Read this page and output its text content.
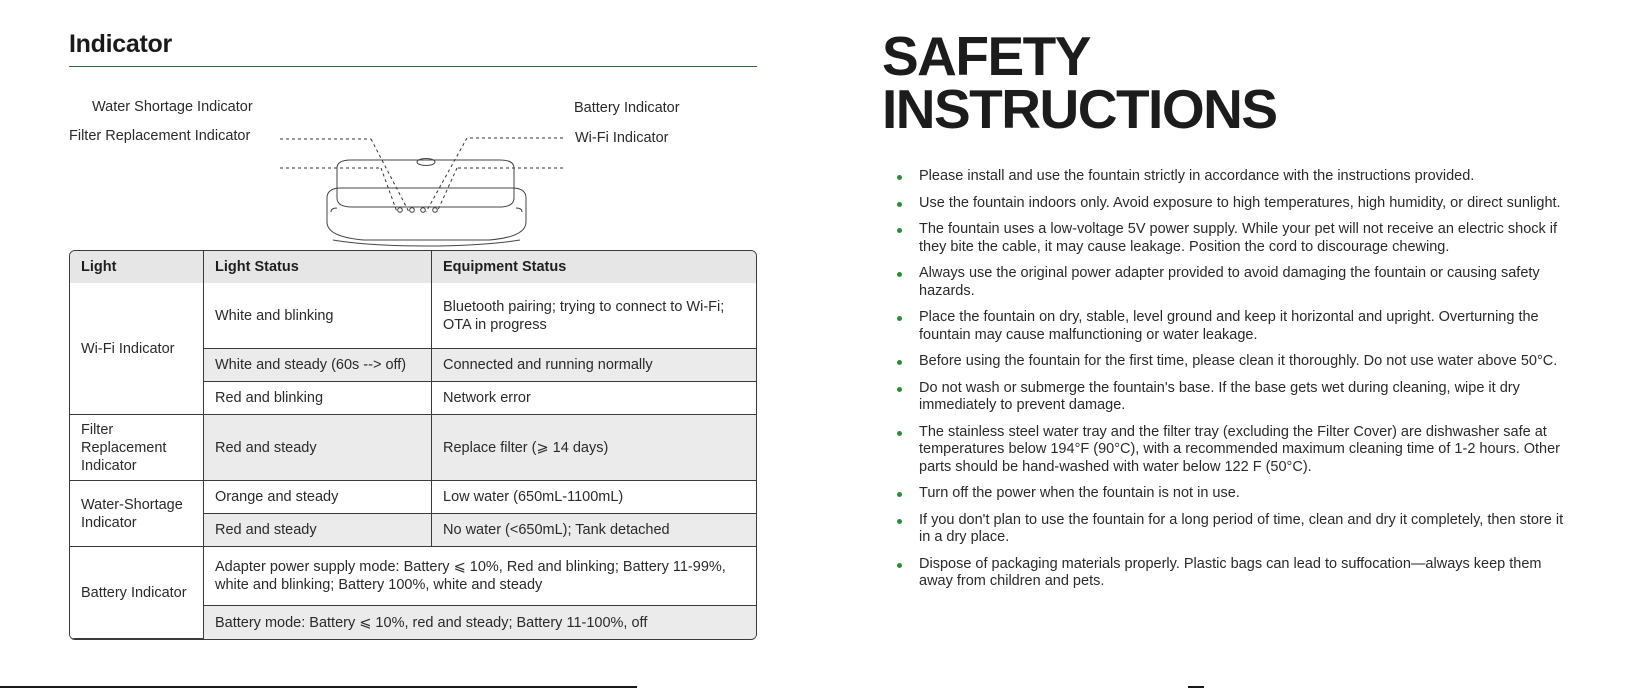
Indicator
Water Shortage Indicator
Filter Replacement Indicator
Battery Indicator
Wi-Fi Indicator
Light	Light Status	Equipment Status
Wi-Fi Indicator	White and blinking	Bluetooth pairing; trying to connect to Wi-Fi; OTA in progress
	White and steady (60s --> off)	Connected and running normally
	Red and blinking	Network error
Filter Replacement Indicator	Red and steady	Replace filter (⩾ 14 days)
Water-Shortage Indicator	Orange and steady	Low water (650mL-1100mL)
	Red and steady	No water (<650mL); Tank detached
Battery Indicator	Adapter power supply mode: Battery ⩽ 10%, Red and blinking; Battery 11-99%, white and blinking; Battery 100%, white and steady	
	Battery mode: Battery ⩽ 10%, red and steady; Battery 11-100%, off	
SAFETY
INSTRUCTIONS
Please install and use the fountain strictly in accordance with the instructions provided.
Use the fountain indoors only. Avoid exposure to high temperatures, high humidity, or direct sunlight.
The fountain uses a low-voltage 5V power supply. While your pet will not receive an electric shock if they bite the cable, it may cause leakage. Position the cord to discourage chewing.
Always use the original power adapter provided to avoid damaging the fountain or causing safety hazards.
Place the fountain on dry, stable, level ground and keep it horizontal and upright. Overturning the fountain may cause malfunctioning or water leakage.
Before using the fountain for the first time, please clean it thoroughly. Do not use water above 50°C.
Do not wash or submerge the fountain's base. If the base gets wet during cleaning, wipe it dry immediately to prevent damage.
The stainless steel water tray and the filter tray (excluding the Filter Cover) are dishwasher safe at temperatures below 194°F (90°C), with a recommended maximum cleaning time of 1-2 hours. Other parts should be hand-washed with water below 122 F (50°C).
Turn off the power when the fountain is not in use.
If you don't plan to use the fountain for a long period of time, clean and dry it completely, then store it in a dry place.
Dispose of packaging materials properly. Plastic bags can lead to suffocation—always keep them away from children and pets.
